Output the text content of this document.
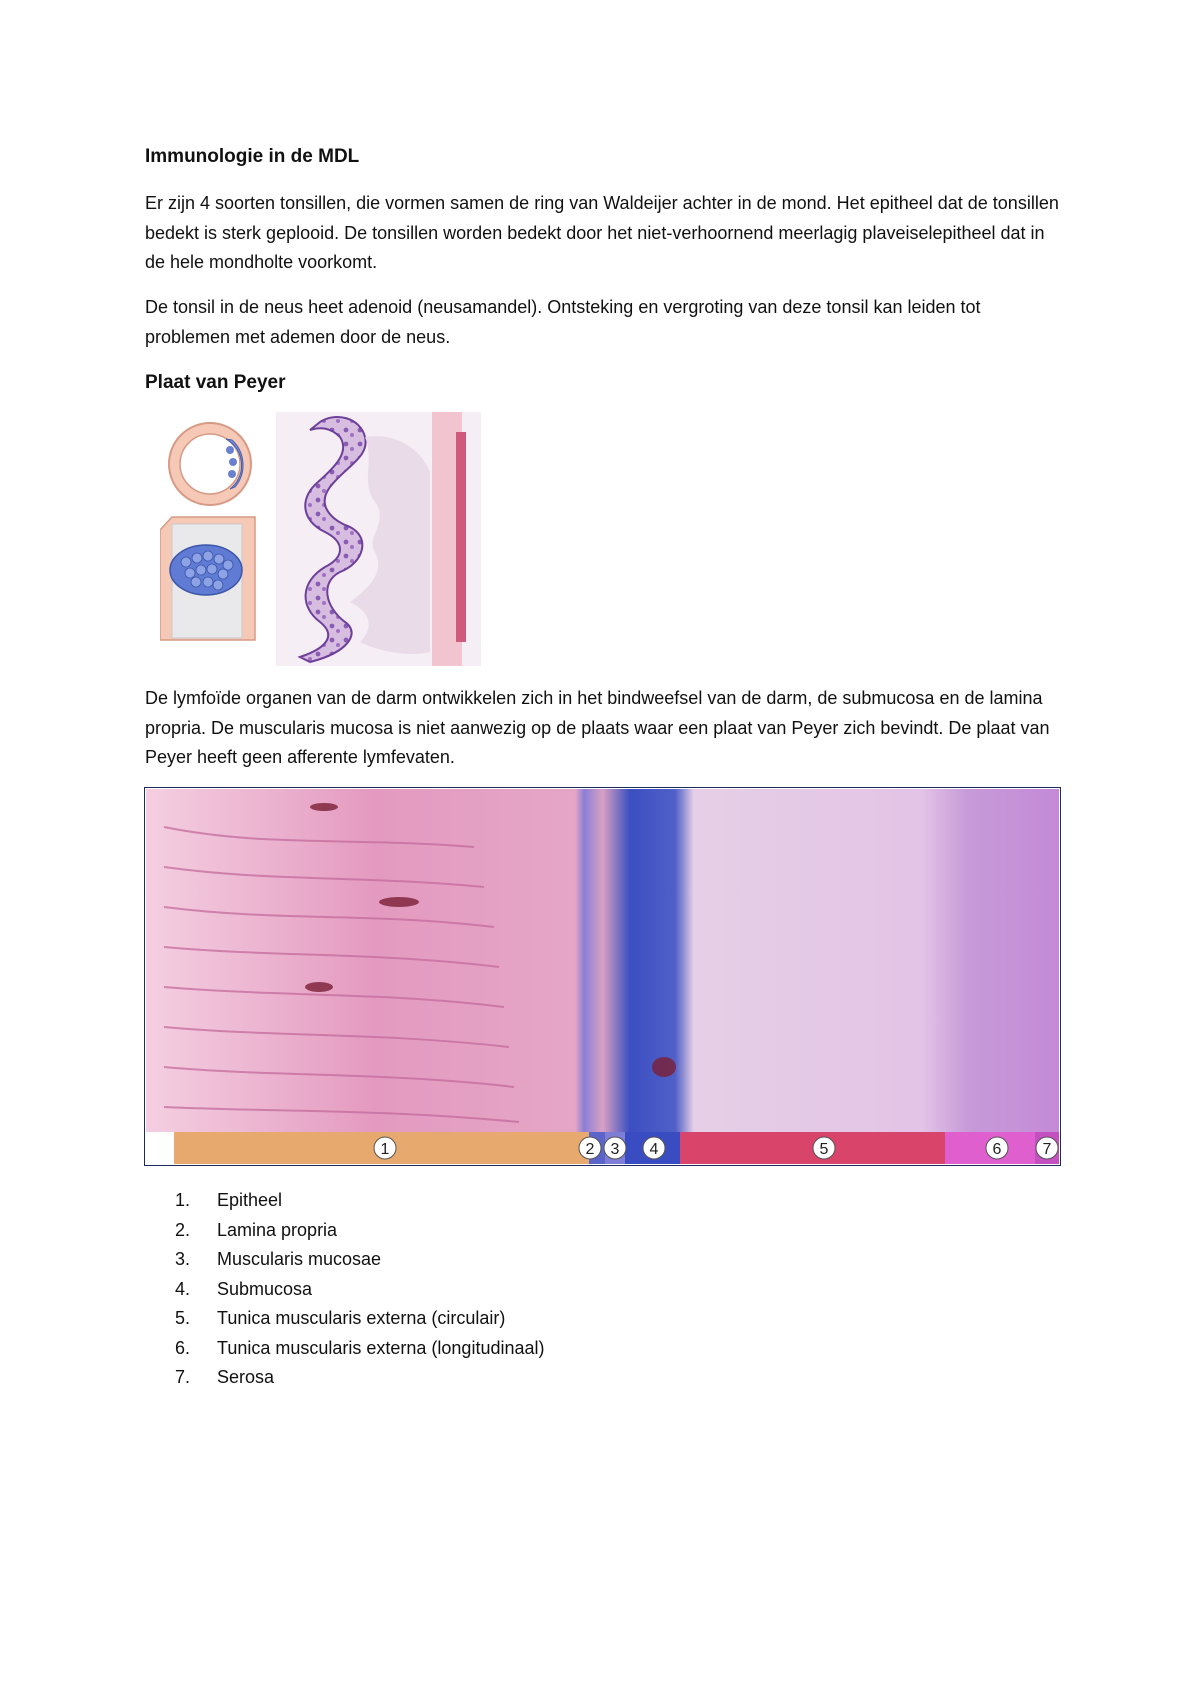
Immunologie in de MDL

Er zijn 4 soorten tonsillen, die vormen samen de ring van Waldeijer achter in de mond. Het epitheel dat de tonsillen bedekt is sterk geplooid. De tonsillen worden bedekt door het niet-verhoornend meerlagig plaveiselepitheel dat in de hele mondholte voorkomt.

De tonsil in de neus heet adenoid (neusamandel). Ontsteking en vergroting van deze tonsil kan leiden tot problemen met ademen door de neus.

Plaat van Peyer

De lymfoïde organen van de darm ontwikkelen zich in het bindweefsel van de darm, de submucosa en de lamina propria. De muscularis mucosa is niet aanwezig op de plaats waar een plaat van Peyer zich bevindt. De plaat van Peyer heeft geen afferente lymfevaten.

1	2 3 4	5	6	7
1.	Epitheel
2.	Lamina propria
3.	Muscularis mucosae
4.	Submucosa
5.	Tunica muscularis externa (circulair)
6.	Tunica muscularis externa (longitudinaal)
7.	Serosa
